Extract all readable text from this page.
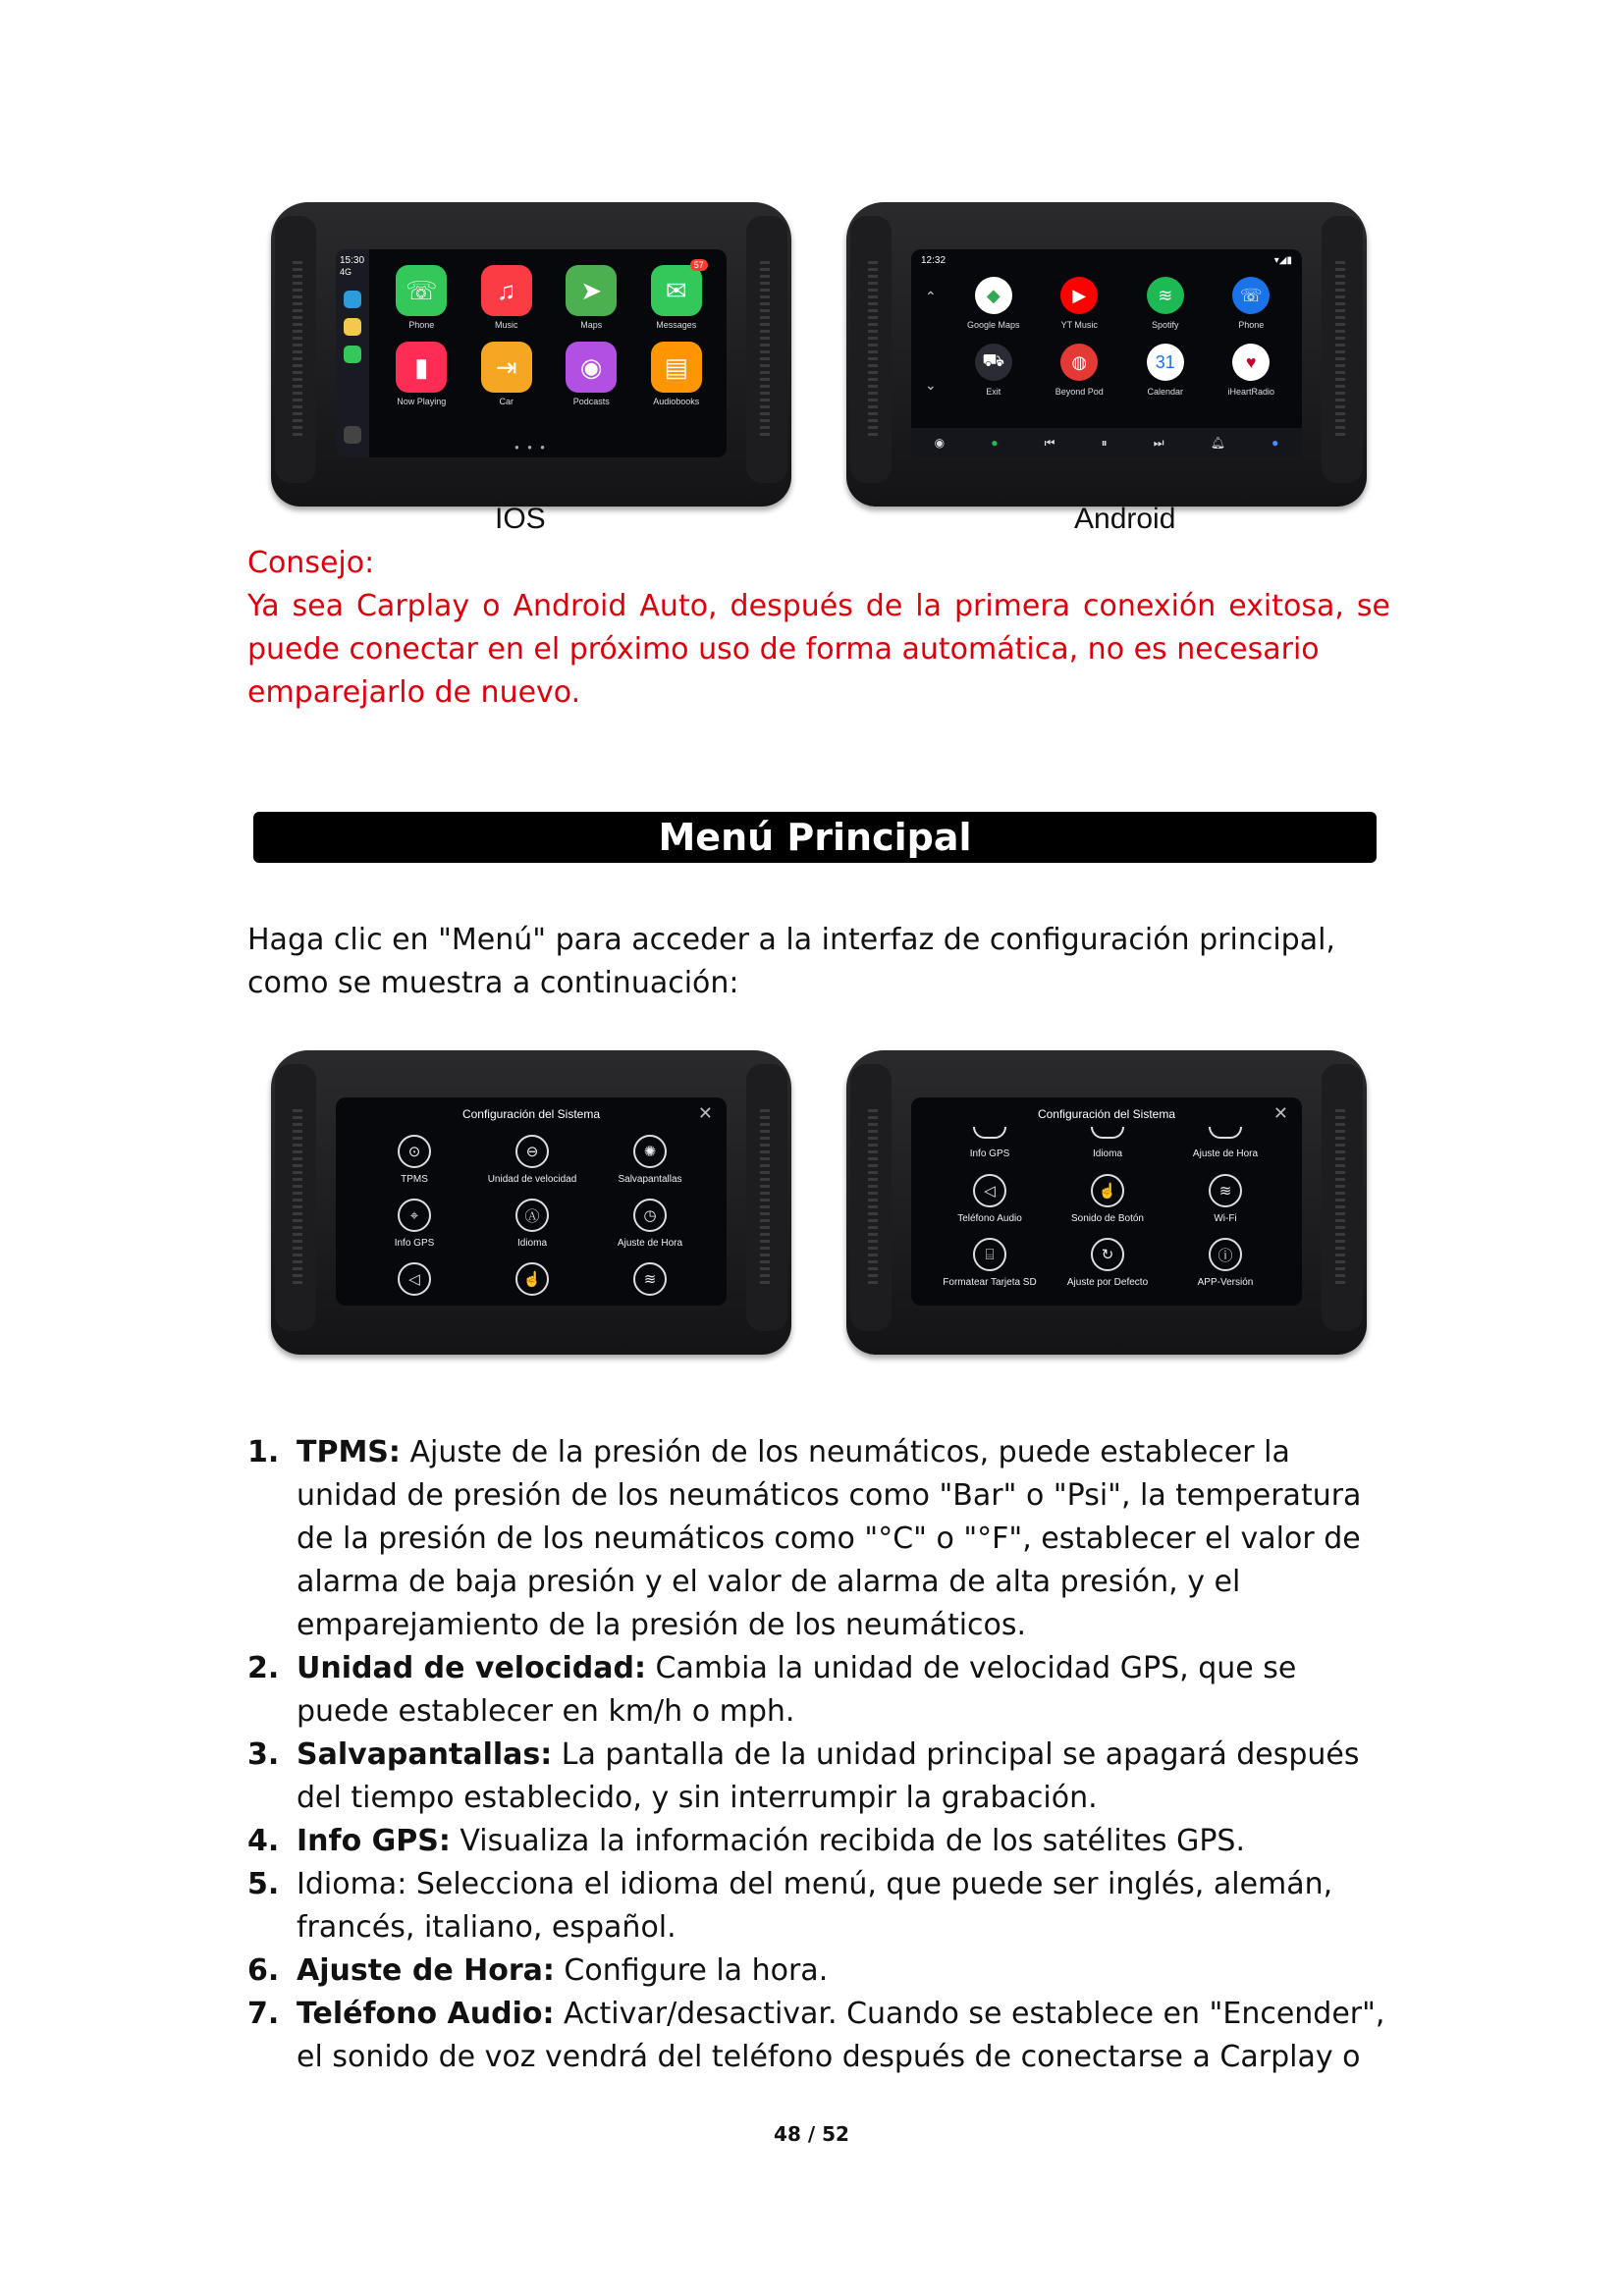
15:30
4G
☏
Phone
♫
Music
➤
Maps
✉
57
Messages
▮
Now Playing
⇥
Car
◉
Podcasts
▤
Audiobooks
● ● ●
IOS
12:32	▾◢▮
⌃
⌄
◆
Google Maps
▶
YT Music
≋
Spotify
☏
Phone
⛟
Exit
◍
Beyond Pod
31
Calendar
♥
iHeartRadio
◉	●	⏮	⏸	⏭	🔔︎	●
Android
Consejo:
Ya sea Carplay o Android Auto, después de la primera conexión exitosa, se puede conectar en el próximo uso de forma automática, no es necesario
emparejarlo de nuevo.
Menú Principal
Haga clic en "Menú" para acceder a la interfaz de configuración principal, como se muestra a continuación:
Configuración del Sistema	✕
⊙
TPMS
⊖
Unidad de velocidad
✺
Salvapantallas
⌖
Info GPS
Ⓐ
Idioma
◷
Ajuste de Hora
◁	☝	≋
Configuración del Sistema	✕
Info GPS	Idioma	Ajuste de Hora
◁
Teléfono Audio
☝
Sonido de Botón
≋
Wi-Fi
⌸
Formatear Tarjeta SD
↻
Ajuste por Defecto
ⓘ
APP-Versión
1. TPMS: Ajuste de la presión de los neumáticos, puede establecer la unidad de presión de los neumáticos como "Bar" o "Psi", la temperatura de la presión de los neumáticos como "°C" o "°F", establecer el valor de alarma de baja presión y el valor de alarma de alta presión, y el emparejamiento de la presión de los neumáticos.
2. Unidad de velocidad: Cambia la unidad de velocidad GPS, que se puede establecer en km/h o mph.
3. Salvapantallas: La pantalla de la unidad principal se apagará después del tiempo establecido, y sin interrumpir la grabación.
4. Info GPS: Visualiza la información recibida de los satélites GPS.
5. Idioma: Selecciona el idioma del menú, que puede ser inglés, alemán, francés, italiano, español.
6. Ajuste de Hora: Configure la hora.
7. Teléfono Audio: Activar/desactivar. Cuando se establece en "Encender", el sonido de voz vendrá del teléfono después de conectarse a Carplay o
48 / 52
